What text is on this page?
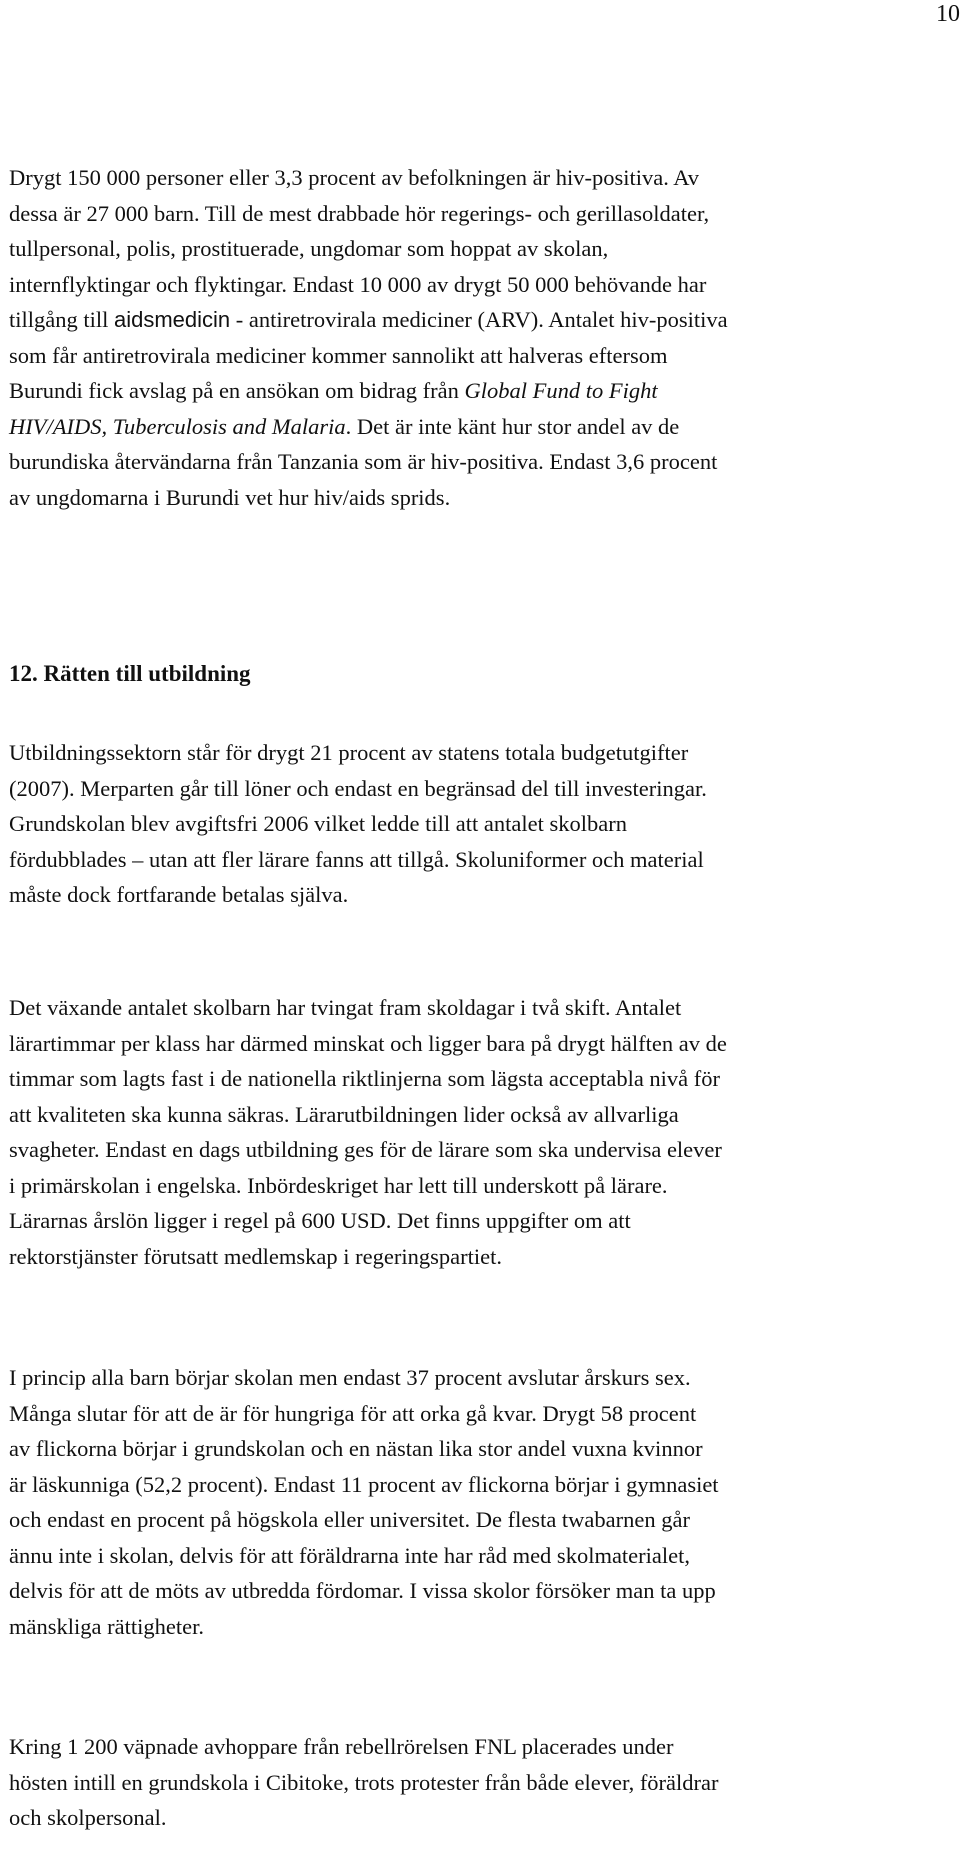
10

Drygt 150 000 personer eller 3,3 procent av befolkningen är hiv-positiva. Av
dessa är 27 000 barn. Till de mest drabbade hör regerings- och gerillasoldater,
tullpersonal, polis, prostituerade, ungdomar som hoppat av skolan,
internflyktingar och flyktingar. Endast 10 000 av drygt 50 000 behövande har
tillgång till aidsmedicin - antiretrovirala mediciner (ARV). Antalet hiv-positiva
som får antiretrovirala mediciner kommer sannolikt att halveras eftersom
Burundi fick avslag på en ansökan om bidrag från Global Fund to Fight
HIV/AIDS, Tuberculosis and Malaria. Det är inte känt hur stor andel av de
burundiska återvändarna från Tanzania som är hiv-positiva. Endast 3,6 procent
av ungdomarna i Burundi vet hur hiv/aids sprids.

12. Rätten till utbildning

Utbildningssektorn står för drygt 21 procent av statens totala budgetutgifter
(2007). Merparten går till löner och endast en begränsad del till investeringar.
Grundskolan blev avgiftsfri 2006 vilket ledde till att antalet skolbarn
fördubblades – utan att fler lärare fanns att tillgå. Skoluniformer och material
måste dock fortfarande betalas själva.

Det växande antalet skolbarn har tvingat fram skoldagar i två skift. Antalet
lärartimmar per klass har därmed minskat och ligger bara på drygt hälften av de
timmar som lagts fast i de nationella riktlinjerna som lägsta acceptabla nivå för
att kvaliteten ska kunna säkras. Lärarutbildningen lider också av allvarliga
svagheter. Endast en dags utbildning ges för de lärare som ska undervisa elever
i primärskolan i engelska. Inbördeskriget har lett till underskott på lärare.
Lärarnas årslön ligger i regel på 600 USD. Det finns uppgifter om att
rektorstjänster förutsatt medlemskap i regeringspartiet.

I princip alla barn börjar skolan men endast 37 procent avslutar årskurs sex.
Många slutar för att de är för hungriga för att orka gå kvar. Drygt 58 procent
av flickorna börjar i grundskolan och en nästan lika stor andel vuxna kvinnor
är läskunniga (52,2 procent). Endast 11 procent av flickorna börjar i gymnasiet
och endast en procent på högskola eller universitet. De flesta twabarnen går
ännu inte i skolan, delvis för att föräldrarna inte har råd med skolmaterialet,
delvis för att de möts av utbredda fördomar. I vissa skolor försöker man ta upp
mänskliga rättigheter.

Kring 1 200 väpnade avhoppare från rebellrörelsen FNL placerades under
hösten intill en grundskola i Cibitoke, trots protester från både elever, föräldrar
och skolpersonal.
